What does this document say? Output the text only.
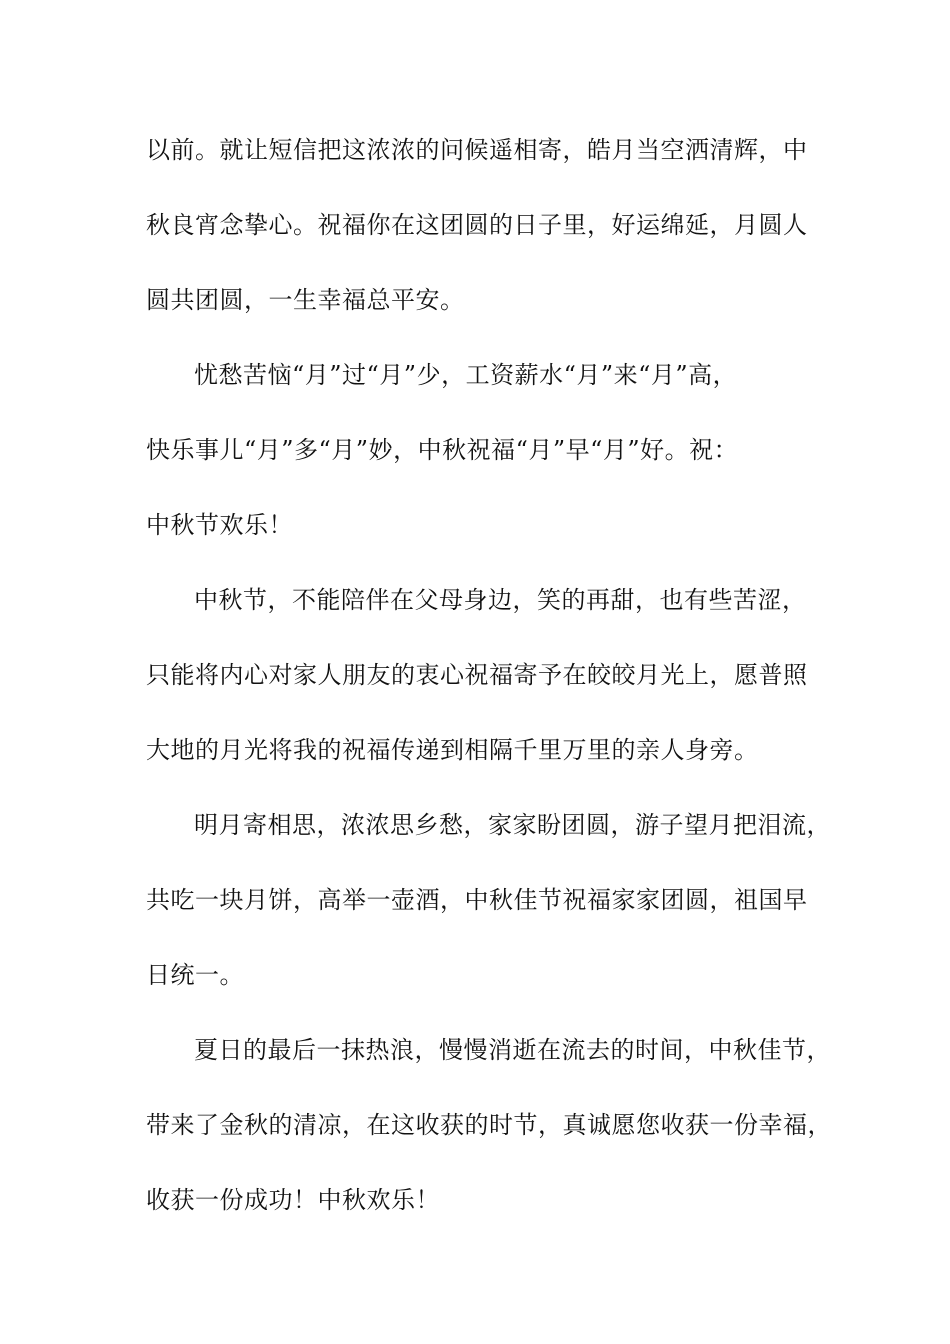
以前。就让短信把这浓浓的问候遥相寄，皓月当空洒清辉，中
秋良宵念挚心。祝福你在这团圆的日子里，好运绵延，月圆人
圆共团圆，一生幸福总平安。
忧愁苦恼“月”过“月”少，工资薪水“月”来“月”高，
快乐事儿“月”多“月”妙，中秋祝福“月”早“月”好。祝：
中秋节欢乐！
中秋节，不能陪伴在父母身边，笑的再甜，也有些苦涩，
只能将内心对家人朋友的衷心祝福寄予在皎皎月光上，愿普照
大地的月光将我的祝福传递到相隔千里万里的亲人身旁。
明月寄相思，浓浓思乡愁，家家盼团圆，游子望月把泪流，
共吃一块月饼，高举一壶酒，中秋佳节祝福家家团圆，祖国早
日统一。
夏日的最后一抹热浪，慢慢消逝在流去的时间，中秋佳节，
带来了金秋的清凉，在这收获的时节，真诚愿您收获一份幸福，
收获一份成功！中秋欢乐！
